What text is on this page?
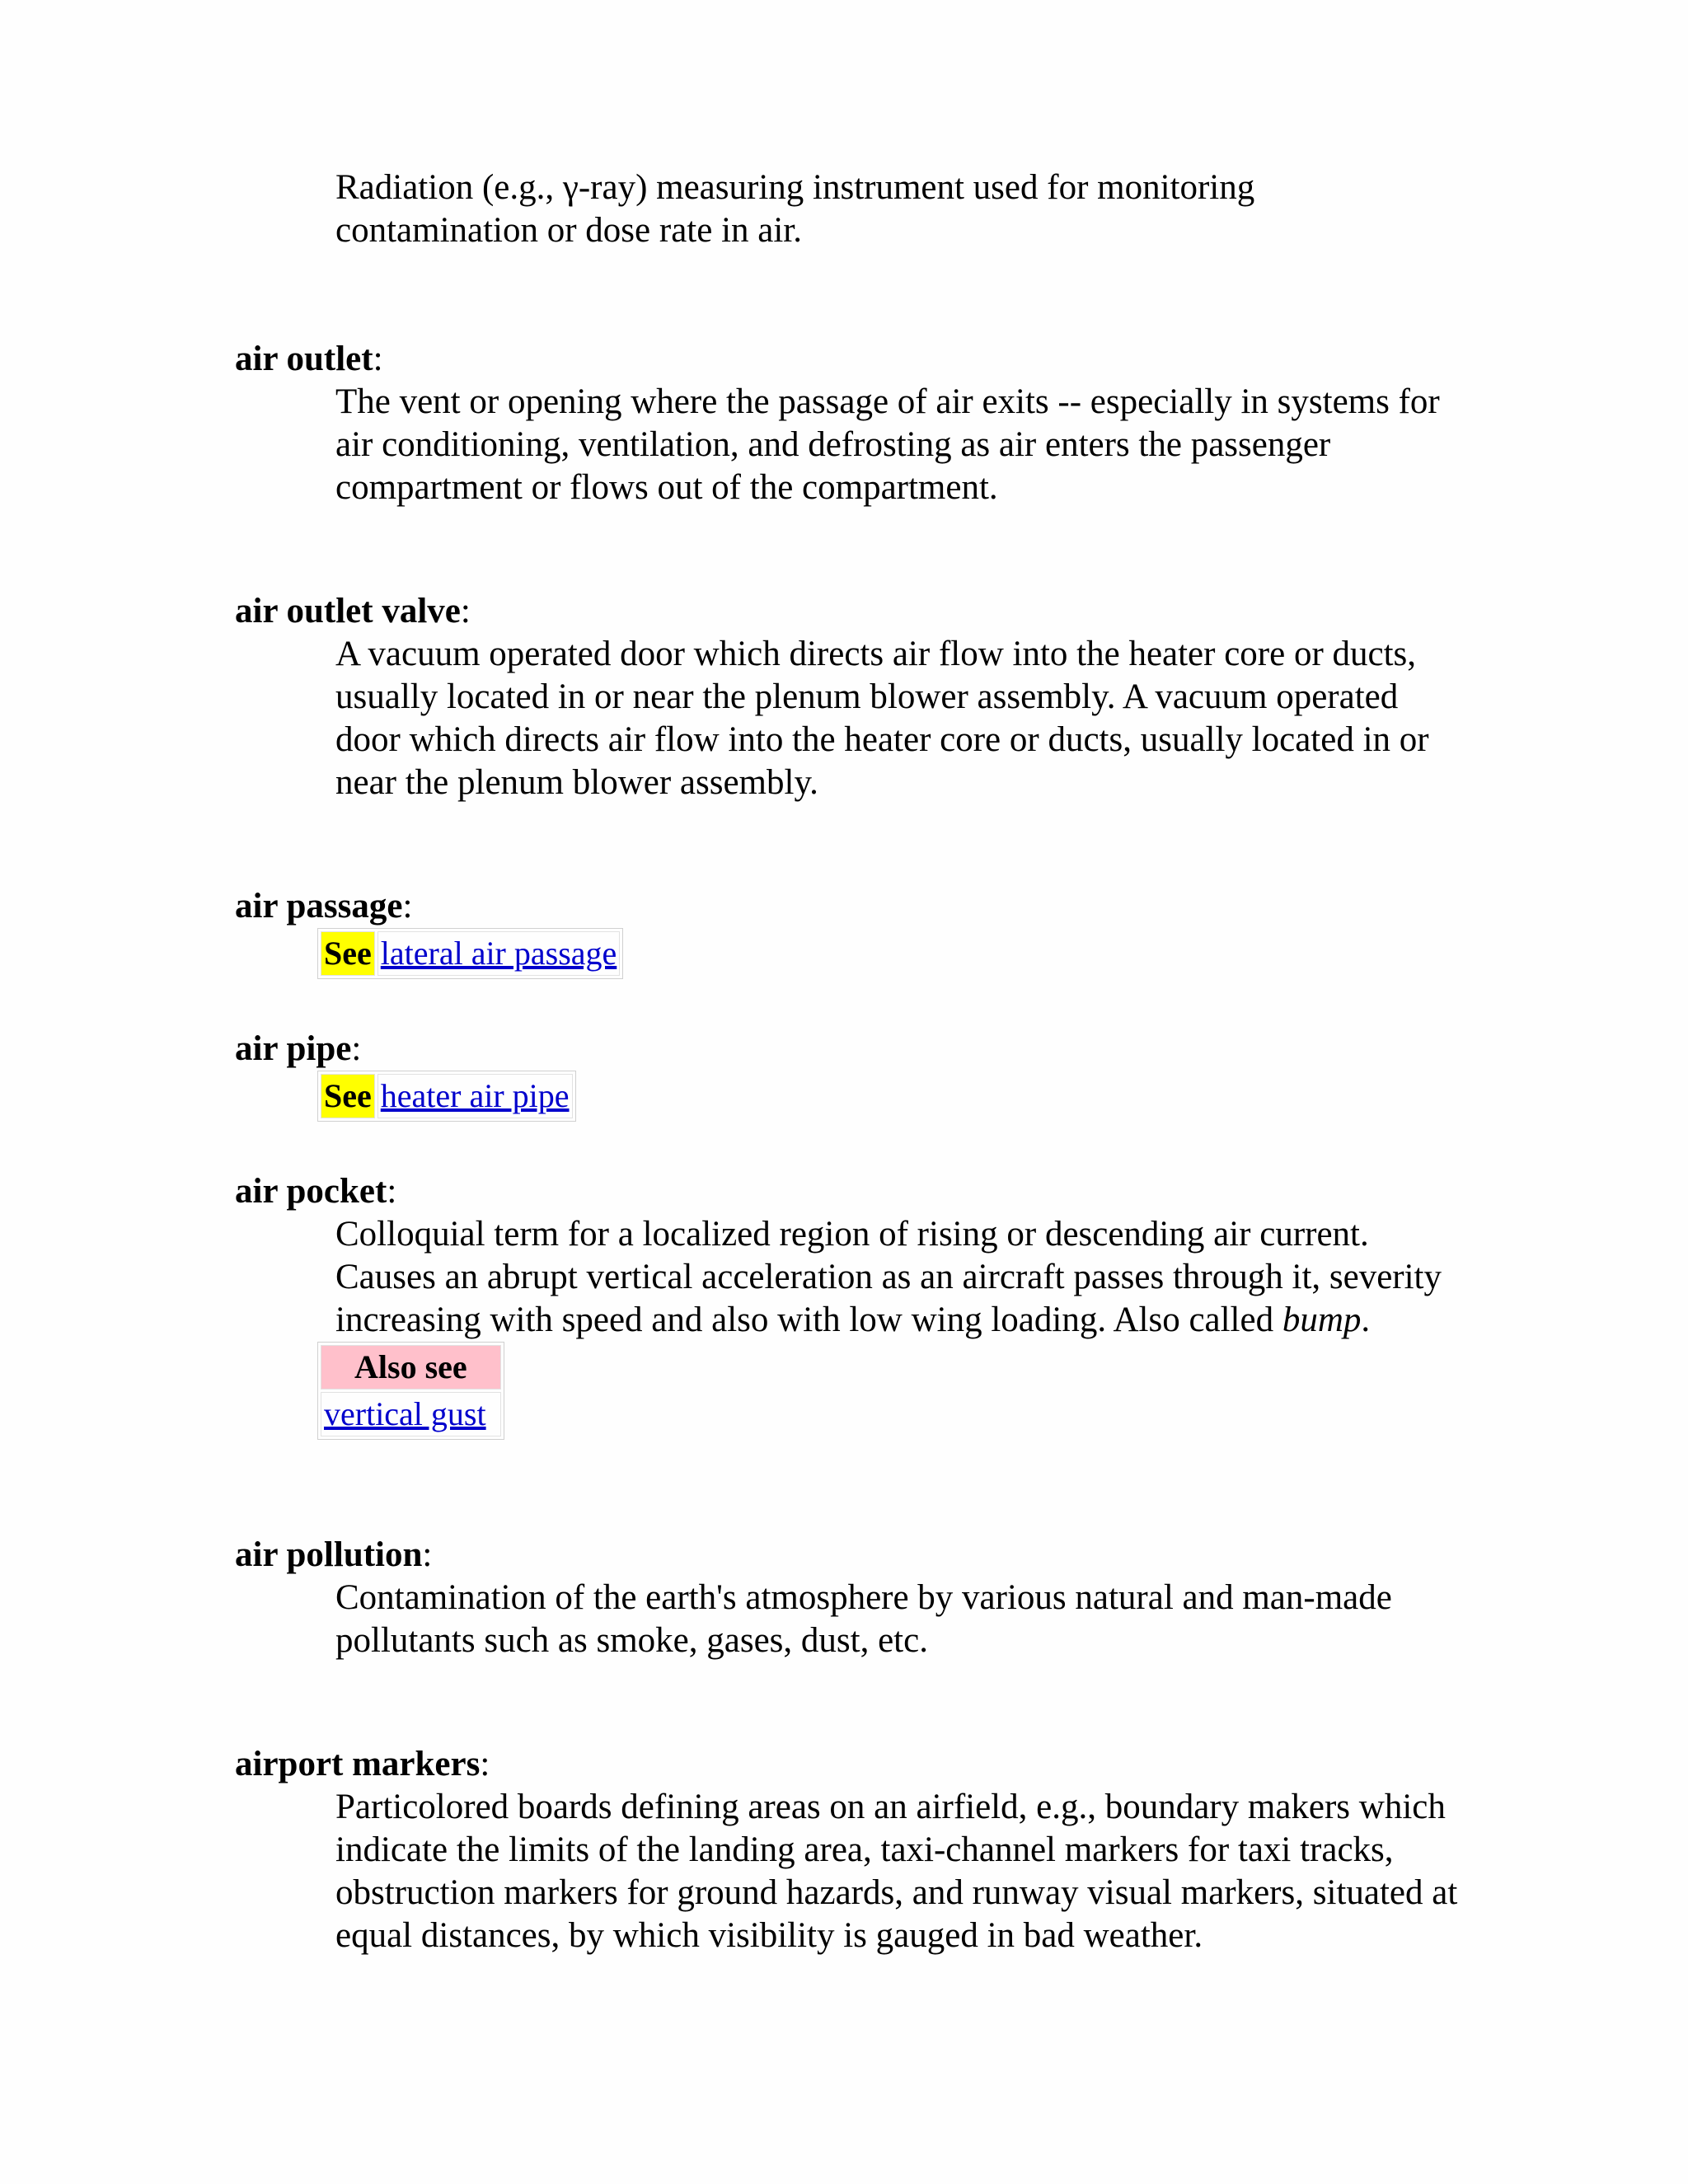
Radiation (e.g., γ-ray) measuring instrument used for monitoring contamination or dose rate in air.

air outlet:

The vent or opening where the passage of air exits -- especially in systems for air conditioning, ventilation, and defrosting as air enters the passenger compartment or flows out of the compartment.

air outlet valve:

A vacuum operated door which directs air flow into the heater core or ducts, usually located in or near the plenum blower assembly. A vacuum operated door which directs air flow into the heater core or ducts, usually located in or near the plenum blower assembly.

air passage:

See	lateral air passage

air pipe:

See	heater air pipe

air pocket:

Colloquial term for a localized region of rising or descending air current. Causes an abrupt vertical acceleration as an aircraft passes through it, severity increasing with speed and also with low wing loading. Also called bump.

Also see
vertical gust

air pollution:

Contamination of the earth's atmosphere by various natural and man-made pollutants such as smoke, gases, dust, etc.

airport markers:

Particolored boards defining areas on an airfield, e.g., boundary makers which indicate the limits of the landing area, taxi-channel markers for taxi tracks, obstruction markers for ground hazards, and runway visual markers, situated at equal distances, by which visibility is gauged in bad weather.
